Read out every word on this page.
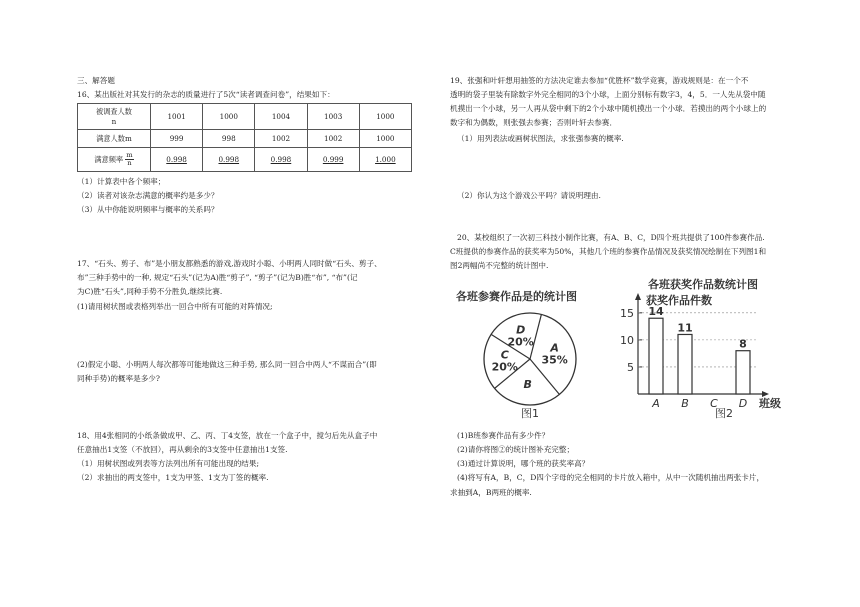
三、解答题

16、某出版社对其发行的杂志的质量进行了5次“读者调查问卷”，结果如下：

被调查人数
n	1001	1000	1004	1003	1000
满意人数m	999	998	1002	1002	1000
满意频率 $\frac{m}{n}$	0.998	0.998	0.998	0.999	1.000

（1）计算表中各个频率；

（2）读者对该杂志满意的概率约是多少？

（3）从中你能说明频率与概率的关系吗？

17、“石头、剪子、布”是小朋友都熟悉的游戏,游戏时小聪、小明两人同时做“石头、剪子、

布”三种手势中的一种, 规定“石头”(记为A)胜“剪子”, “剪子”(记为B)胜“布”, “布”(记

为C)胜“石头”,同种手势不分胜负,继续比赛.

(1)请用树状图或表格列举出一回合中所有可能的对阵情况;

(2)假定小聪、小明两人每次都等可能地做这三种手势, 那么同一回合中两人“不谋而合”(即

同种手势)的概率是多少?

18、用4张相同的小纸条做成甲、乙、丙、丁4支签，放在一个盒子中，搅匀后先从盒子中

任意抽出1支签（不放回），再从剩余的3支签中任意抽出1支签.

（1）用树状图或列表等方法列出所有可能出现的结果;

（2）求抽出的两支签中，1支为甲签、1支为丁签的概率.

19、张强和叶轩想用抽签的方法决定谁去参加“优胜杯”数学竞赛，游戏规则是：在一个不

透明的袋子里装有除数字外完全相同的3个小球，上面分别标有数字3，4，5．一人先从袋中随

机摸出一个小球，另一人再从袋中剩下的2个小球中随机摸出一个小球．若摸出的两个小球上的

数字和为偶数，则张强去参赛；否则叶轩去参赛．

（1）用列表法或画树状图法，求张强参赛的概率.

（2）你认为这个游戏公平吗？请说明理由.

20、某校组织了一次初三科技小制作比赛，有A、B、C，D四个班共提供了100件参赛作品.

C班提供的参赛作品的获奖率为50%，其他几个班的参赛作品情况及获奖情况绘制在下列图1和

图2两幅尚不完整的统计图中.

各班参赛作品是的统计图
A
35%
B
C
20%
D
20%
图1
各班获奖作品数统计图
获奖作品件数
班级
5
10
15 14
A
11
B C
8
D
图2

(1)B班参赛作品有多少件？

(2)请你将图②的统计图补充完整；

(3)通过计算说明，哪个班的获奖率高？

(4)将写有A，B，C，D四个字母的完全相同的卡片放入箱中，从中一次随机抽出两张卡片，

求抽到A，B两班的概率.
